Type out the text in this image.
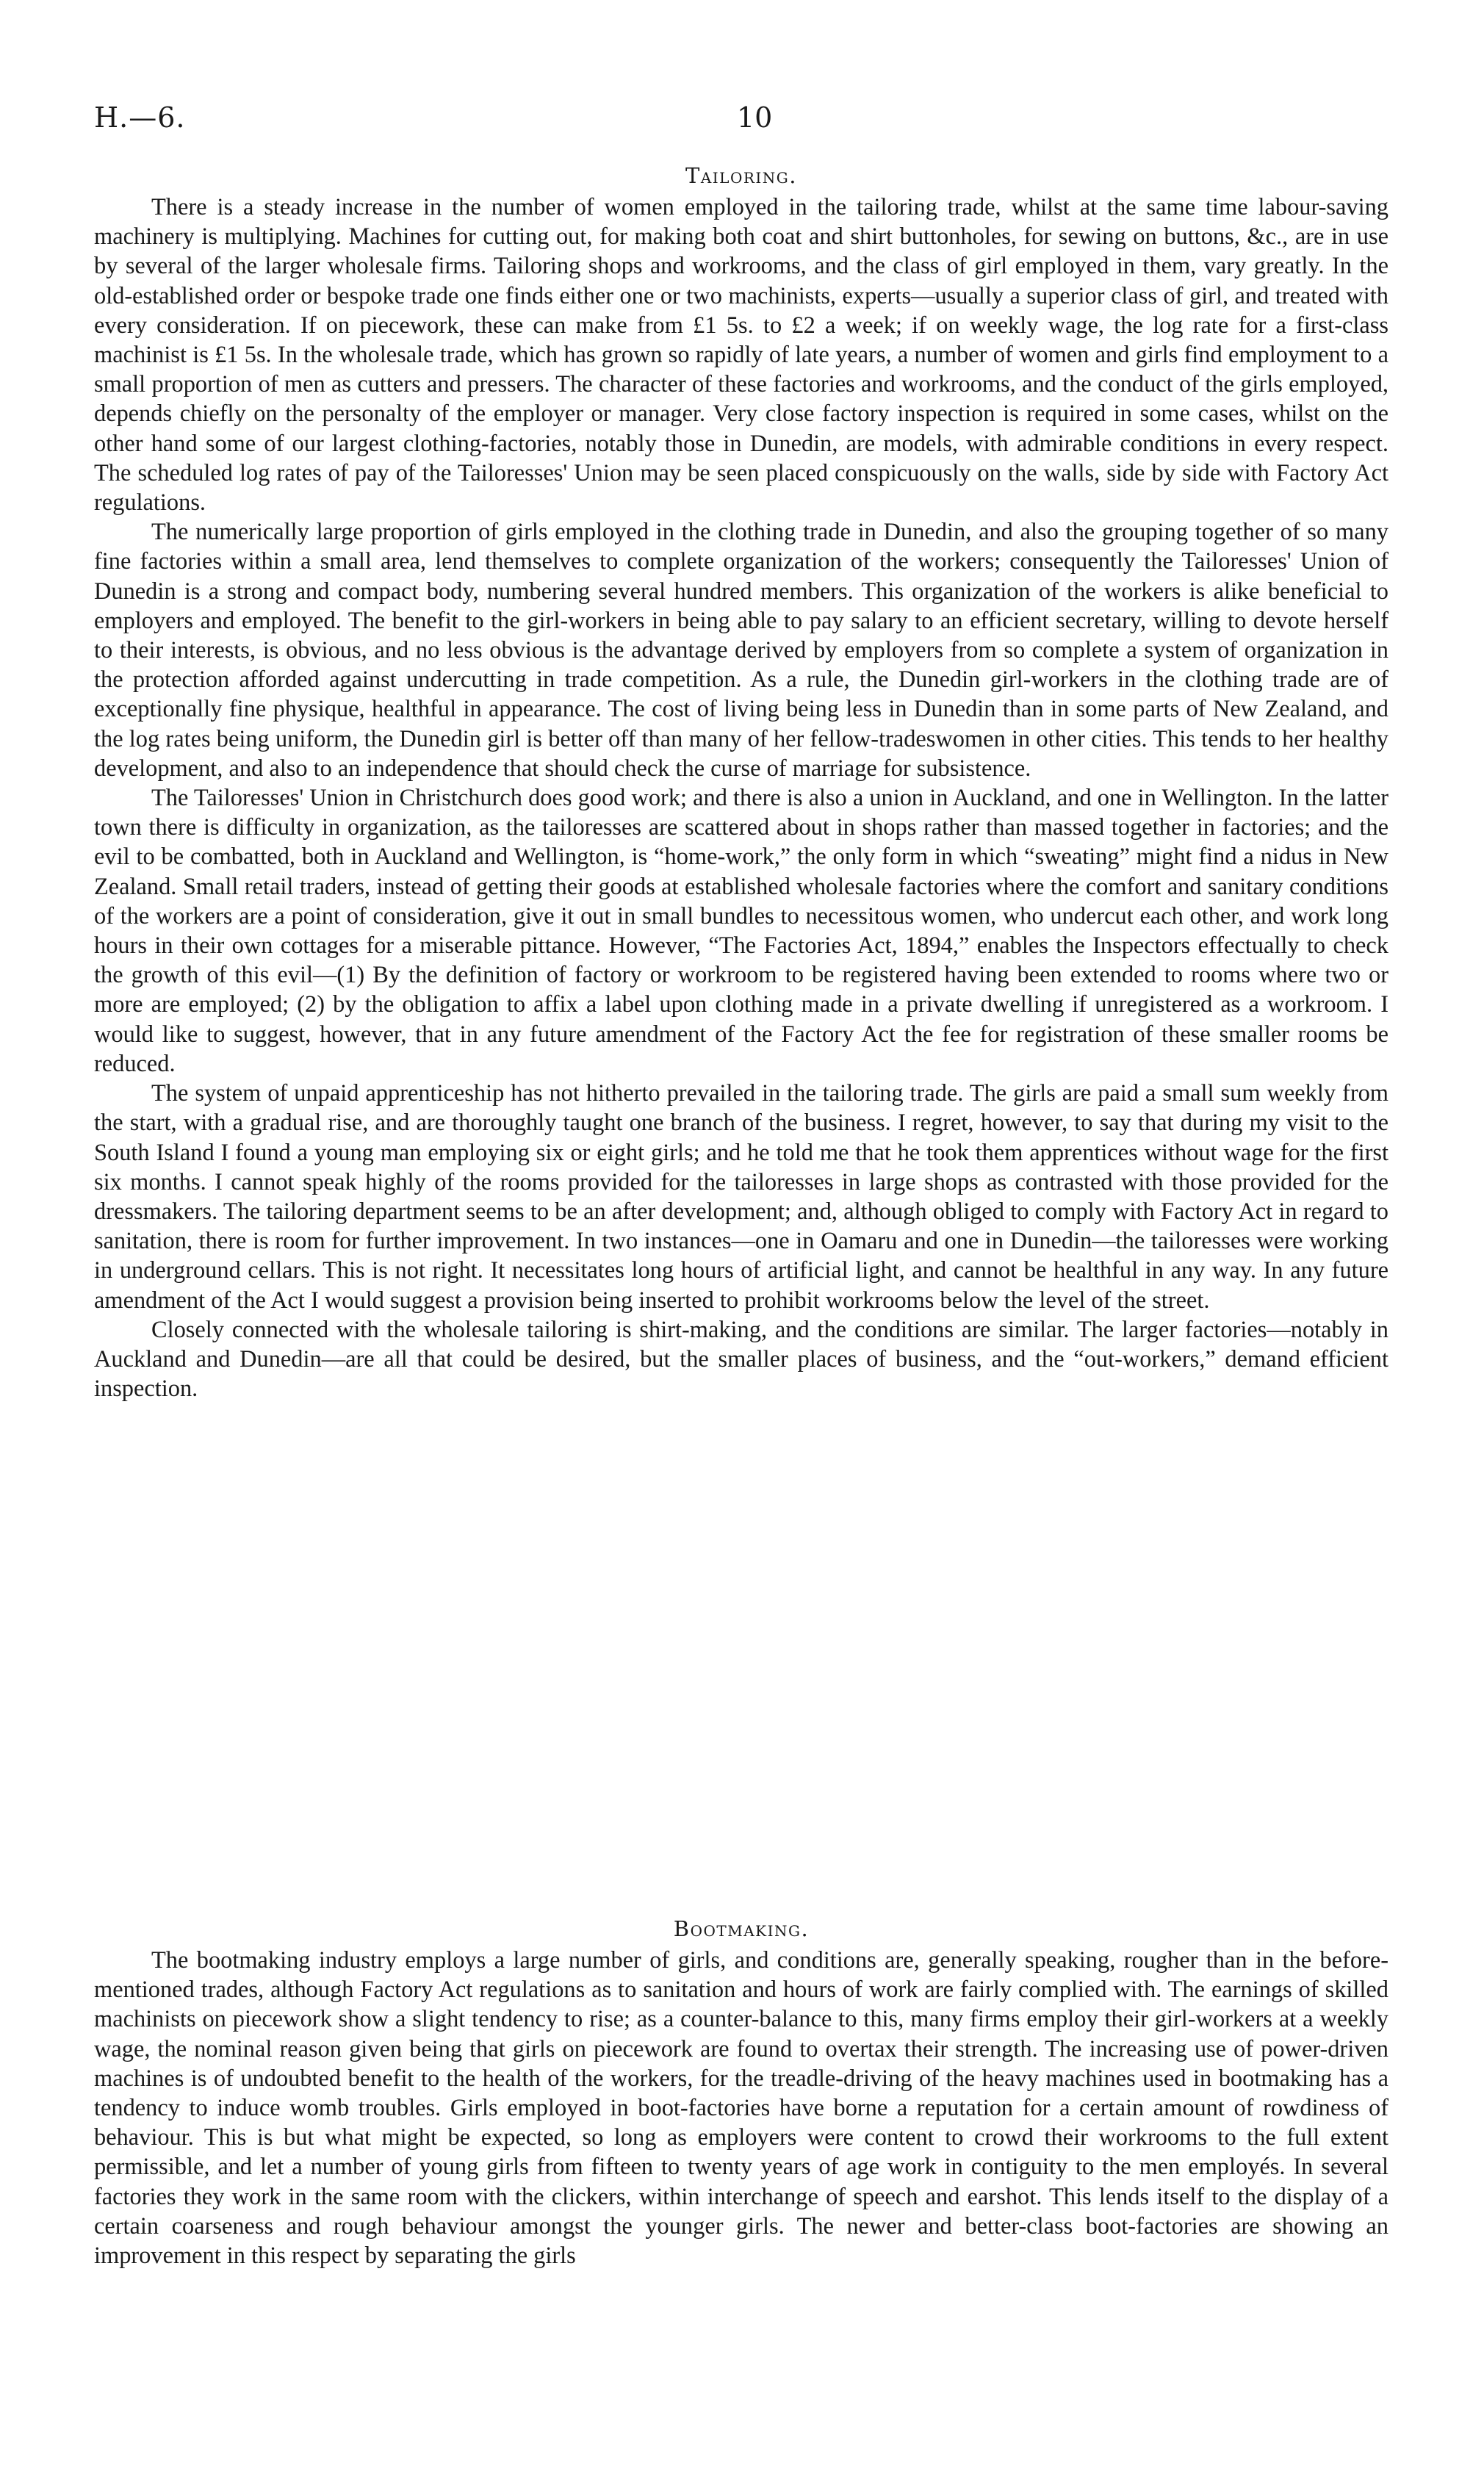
H.—6.	10
Tailoring.

There is a steady increase in the number of women employed in the tailoring trade, whilst at the same time labour-saving machinery is multiplying. Machines for cutting out, for making both coat and shirt buttonholes, for sewing on buttons, &c., are in use by several of the larger wholesale firms. Tailoring shops and workrooms, and the class of girl employed in them, vary greatly. In the old-established order or bespoke trade one finds either one or two machinists, experts—usually a superior class of girl, and treated with every consideration. If on piecework, these can make from £1 5s. to £2 a week; if on weekly wage, the log rate for a first-class machinist is £1 5s. In the wholesale trade, which has grown so rapidly of late years, a number of women and girls find employment to a small proportion of men as cutters and pressers. The character of these factories and workrooms, and the conduct of the girls employed, depends chiefly on the personalty of the employer or manager. Very close factory inspection is required in some cases, whilst on the other hand some of our largest clothing-factories, notably those in Dunedin, are models, with admirable conditions in every respect. The scheduled log rates of pay of the Tailoresses' Union may be seen placed conspicuously on the walls, side by side with Factory Act regulations.

The numerically large proportion of girls employed in the clothing trade in Dunedin, and also the grouping together of so many fine factories within a small area, lend themselves to complete organization of the workers; consequently the Tailoresses' Union of Dunedin is a strong and compact body, numbering several hundred members. This organization of the workers is alike beneficial to employers and employed. The benefit to the girl-workers in being able to pay salary to an efficient secretary, willing to devote herself to their interests, is obvious, and no less obvious is the advantage derived by employers from so complete a system of organization in the protection afforded against undercutting in trade competition. As a rule, the Dunedin girl-workers in the clothing trade are of exceptionally fine physique, healthful in appearance. The cost of living being less in Dunedin than in some parts of New Zealand, and the log rates being uniform, the Dunedin girl is better off than many of her fellow-tradeswomen in other cities. This tends to her healthy development, and also to an independence that should check the curse of marriage for subsistence.

The Tailoresses' Union in Christchurch does good work; and there is also a union in Auckland, and one in Wellington. In the latter town there is difficulty in organization, as the tailoresses are scattered about in shops rather than massed together in factories; and the evil to be combatted, both in Auckland and Wellington, is “home-work,” the only form in which “sweating” might find a nidus in New Zealand. Small retail traders, instead of getting their goods at established wholesale factories where the comfort and sanitary conditions of the workers are a point of consideration, give it out in small bundles to necessitous women, who undercut each other, and work long hours in their own cottages for a miserable pittance. However, “The Factories Act, 1894,” enables the Inspectors effectually to check the growth of this evil—(1) By the definition of factory or workroom to be registered having been extended to rooms where two or more are employed; (2) by the obligation to affix a label upon clothing made in a private dwelling if unregistered as a workroom. I would like to suggest, however, that in any future amendment of the Factory Act the fee for registration of these smaller rooms be reduced.

The system of unpaid apprenticeship has not hitherto prevailed in the tailoring trade. The girls are paid a small sum weekly from the start, with a gradual rise, and are thoroughly taught one branch of the business. I regret, however, to say that during my visit to the South Island I found a young man employing six or eight girls; and he told me that he took them apprentices without wage for the first six months. I cannot speak highly of the rooms provided for the tailoresses in large shops as contrasted with those provided for the dressmakers. The tailoring department seems to be an after development; and, although obliged to comply with Factory Act in regard to sanitation, there is room for further improvement. In two instances—one in Oamaru and one in Dunedin—the tailoresses were working in underground cellars. This is not right. It necessitates long hours of artificial light, and cannot be healthful in any way. In any future amendment of the Act I would suggest a provision being inserted to prohibit workrooms below the level of the street.

Closely connected with the wholesale tailoring is shirt-making, and the conditions are similar. The larger factories—notably in Auckland and Dunedin—are all that could be desired, but the smaller places of business, and the “out-workers,” demand efficient inspection.

Bootmaking.

The bootmaking industry employs a large number of girls, and conditions are, generally speaking, rougher than in the before-mentioned trades, although Factory Act regulations as to sanitation and hours of work are fairly complied with. The earnings of skilled machinists on piecework show a slight tendency to rise; as a counter-balance to this, many firms employ their girl-workers at a weekly wage, the nominal reason given being that girls on piecework are found to overtax their strength. The increasing use of power-driven machines is of undoubted benefit to the health of the workers, for the treadle-driving of the heavy machines used in bootmaking has a tendency to induce womb troubles. Girls employed in boot-factories have borne a reputation for a certain amount of rowdiness of behaviour. This is but what might be expected, so long as employers were content to crowd their workrooms to the full extent permissible, and let a number of young girls from fifteen to twenty years of age work in contiguity to the men employés. In several factories they work in the same room with the clickers, within interchange of speech and earshot. This lends itself to the display of a certain coarseness and rough behaviour amongst the younger girls. The newer and better-class boot-factories are showing an improvement in this respect by separating the girls
